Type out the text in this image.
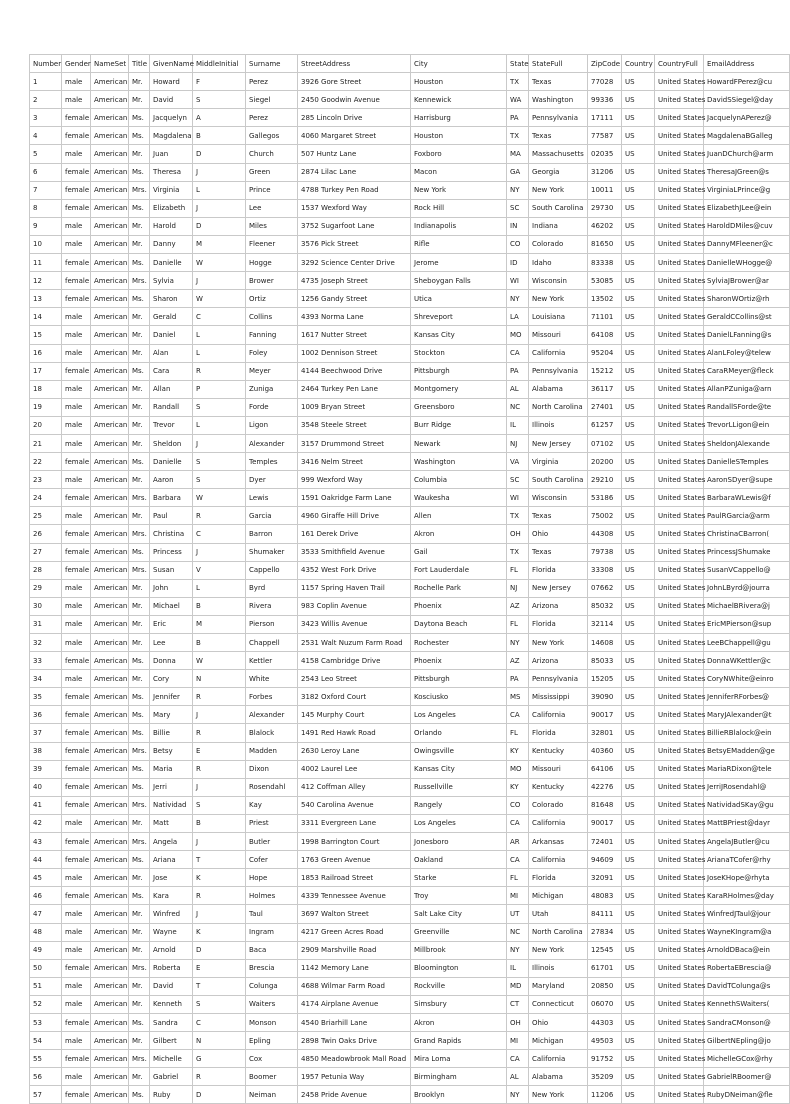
Number	Gender	NameSet	Title	GivenName	MiddleInitial	Surname	StreetAddress	City	State	StateFull	ZipCode	Country	CountryFull	EmailAddress
1	male	American	Mr.	Howard	F	Perez	3926 Gore Street	Houston	TX	Texas	77028	US	United States	HowardFPerez@cu
2	male	American	Mr.	David	S	Siegel	2450 Goodwin Avenue	Kennewick	WA	Washington	99336	US	United States	DavidSSiegel@day
3	female	American	Ms.	Jacquelyn	A	Perez	285 Lincoln Drive	Harrisburg	PA	Pennsylvania	17111	US	United States	JacquelynAPerez@
4	female	American	Ms.	Magdalena	B	Gallegos	4060 Margaret Street	Houston	TX	Texas	77587	US	United States	MagdalenaBGalleg
5	male	American	Mr.	Juan	D	Church	507 Huntz Lane	Foxboro	MA	Massachusetts	02035	US	United States	JuanDChurch@arm
6	female	American	Ms.	Theresa	J	Green	2874 Lilac Lane	Macon	GA	Georgia	31206	US	United States	TheresaJGreen@s
7	female	American	Mrs.	Virginia	L	Prince	4788 Turkey Pen Road	New York	NY	New York	10011	US	United States	VirginiaLPrince@g
8	female	American	Ms.	Elizabeth	J	Lee	1537 Wexford Way	Rock Hill	SC	South Carolina	29730	US	United States	ElizabethJLee@ein
9	male	American	Mr.	Harold	D	Miles	3752 Sugarfoot Lane	Indianapolis	IN	Indiana	46202	US	United States	HaroldDMiles@cuv
10	male	American	Mr.	Danny	M	Fleener	3576 Pick Street	Rifle	CO	Colorado	81650	US	United States	DannyMFleener@c
11	female	American	Ms.	Danielle	W	Hogge	3292 Science Center Drive	Jerome	ID	Idaho	83338	US	United States	DanielleWHogge@
12	female	American	Mrs.	Sylvia	J	Brower	4735 Joseph Street	Sheboygan Falls	WI	Wisconsin	53085	US	United States	SylviaJBrower@ar
13	female	American	Ms.	Sharon	W	Ortiz	1256 Gandy Street	Utica	NY	New York	13502	US	United States	SharonWOrtiz@rh
14	male	American	Mr.	Gerald	C	Collins	4393 Norma Lane	Shreveport	LA	Louisiana	71101	US	United States	GeraldCCollins@st
15	male	American	Mr.	Daniel	L	Fanning	1617 Nutter Street	Kansas City	MO	Missouri	64108	US	United States	DanielLFanning@s
16	male	American	Mr.	Alan	L	Foley	1002 Dennison Street	Stockton	CA	California	95204	US	United States	AlanLFoley@telew
17	female	American	Ms.	Cara	R	Meyer	4144 Beechwood Drive	Pittsburgh	PA	Pennsylvania	15212	US	United States	CaraRMeyer@fleck
18	male	American	Mr.	Allan	P	Zuniga	2464 Turkey Pen Lane	Montgomery	AL	Alabama	36117	US	United States	AllanPZuniga@arn
19	male	American	Mr.	Randall	S	Forde	1009 Bryan Street	Greensboro	NC	North Carolina	27401	US	United States	RandallSForde@te
20	male	American	Mr.	Trevor	L	Ligon	3548 Steele Street	Burr Ridge	IL	Illinois	61257	US	United States	TrevorLLigon@ein
21	male	American	Mr.	Sheldon	J	Alexander	3157 Drummond Street	Newark	NJ	New Jersey	07102	US	United States	SheldonJAlexande
22	female	American	Ms.	Danielle	S	Temples	3416 Nelm Street	Washington	VA	Virginia	20200	US	United States	DanielleSTemples
23	male	American	Mr.	Aaron	S	Dyer	999 Wexford Way	Columbia	SC	South Carolina	29210	US	United States	AaronSDyer@supe
24	female	American	Mrs.	Barbara	W	Lewis	1591 Oakridge Farm Lane	Waukesha	WI	Wisconsin	53186	US	United States	BarbaraWLewis@f
25	male	American	Mr.	Paul	R	Garcia	4960 Giraffe Hill Drive	Allen	TX	Texas	75002	US	United States	PaulRGarcia@arm
26	female	American	Mrs.	Christina	C	Barron	161 Derek Drive	Akron	OH	Ohio	44308	US	United States	ChristinaCBarron(
27	female	American	Ms.	Princess	J	Shumaker	3533 Smithfield Avenue	Gail	TX	Texas	79738	US	United States	PrincessJShumake
28	female	American	Mrs.	Susan	V	Cappello	4352 West Fork Drive	Fort Lauderdale	FL	Florida	33308	US	United States	SusanVCappello@
29	male	American	Mr.	John	L	Byrd	1157 Spring Haven Trail	Rochelle Park	NJ	New Jersey	07662	US	United States	JohnLByrd@jourra
30	male	American	Mr.	Michael	B	Rivera	983 Coplin Avenue	Phoenix	AZ	Arizona	85032	US	United States	MichaelBRivera@j
31	male	American	Mr.	Eric	M	Pierson	3423 Willis Avenue	Daytona Beach	FL	Florida	32114	US	United States	EricMPierson@sup
32	male	American	Mr.	Lee	B	Chappell	2531 Walt Nuzum Farm Road	Rochester	NY	New York	14608	US	United States	LeeBChappell@gu
33	female	American	Ms.	Donna	W	Kettler	4158 Cambridge Drive	Phoenix	AZ	Arizona	85033	US	United States	DonnaWKettler@c
34	male	American	Mr.	Cory	N	White	2543 Leo Street	Pittsburgh	PA	Pennsylvania	15205	US	United States	CoryNWhite@einro
35	female	American	Ms.	Jennifer	R	Forbes	3182 Oxford Court	Kosciusko	MS	Mississippi	39090	US	United States	JenniferRForbes@
36	female	American	Ms.	Mary	J	Alexander	145 Murphy Court	Los Angeles	CA	California	90017	US	United States	MaryJAlexander@t
37	female	American	Ms.	Billie	R	Blalock	1491 Red Hawk Road	Orlando	FL	Florida	32801	US	United States	BillieRBlalock@ein
38	female	American	Mrs.	Betsy	E	Madden	2630 Leroy Lane	Owingsville	KY	Kentucky	40360	US	United States	BetsyEMadden@ge
39	female	American	Ms.	Maria	R	Dixon	4002 Laurel Lee	Kansas City	MO	Missouri	64106	US	United States	MariaRDixon@tele
40	female	American	Ms.	Jerri	J	Rosendahl	412 Coffman Alley	Russellville	KY	Kentucky	42276	US	United States	JerriJRosendahl@
41	female	American	Mrs.	Natividad	S	Kay	540 Carolina Avenue	Rangely	CO	Colorado	81648	US	United States	NatividadSKay@gu
42	male	American	Mr.	Matt	B	Priest	3311 Evergreen Lane	Los Angeles	CA	California	90017	US	United States	MattBPriest@dayr
43	female	American	Mrs.	Angela	J	Butler	1998 Barrington Court	Jonesboro	AR	Arkansas	72401	US	United States	AngelaJButler@cu
44	female	American	Ms.	Ariana	T	Cofer	1763 Green Avenue	Oakland	CA	California	94609	US	United States	ArianaTCofer@rhy
45	male	American	Mr.	Jose	K	Hope	1853 Railroad Street	Starke	FL	Florida	32091	US	United States	JoseKHope@rhyta
46	female	American	Ms.	Kara	R	Holmes	4339 Tennessee Avenue	Troy	MI	Michigan	48083	US	United States	KaraRHolmes@day
47	male	American	Mr.	Winfred	J	Taul	3697 Walton Street	Salt Lake City	UT	Utah	84111	US	United States	WinfredJTaul@jour
48	male	American	Mr.	Wayne	K	Ingram	4217 Green Acres Road	Greenville	NC	North Carolina	27834	US	United States	WayneKIngram@a
49	male	American	Mr.	Arnold	D	Baca	2909 Marshville Road	Millbrook	NY	New York	12545	US	United States	ArnoldDBaca@ein
50	female	American	Mrs.	Roberta	E	Brescia	1142 Memory Lane	Bloomington	IL	Illinois	61701	US	United States	RobertaEBrescia@
51	male	American	Mr.	David	T	Colunga	4688 Wilmar Farm Road	Rockville	MD	Maryland	20850	US	United States	DavidTColunga@s
52	male	American	Mr.	Kenneth	S	Waiters	4174 Airplane Avenue	Simsbury	CT	Connecticut	06070	US	United States	KennethSWaiters(
53	female	American	Ms.	Sandra	C	Monson	4540 Briarhill Lane	Akron	OH	Ohio	44303	US	United States	SandraCMonson@
54	male	American	Mr.	Gilbert	N	Epling	2898 Twin Oaks Drive	Grand Rapids	MI	Michigan	49503	US	United States	GilbertNEpling@jo
55	female	American	Mrs.	Michelle	G	Cox	4850 Meadowbrook Mall Road	Mira Loma	CA	California	91752	US	United States	MichelleGCox@rhy
56	male	American	Mr.	Gabriel	R	Boomer	1957 Petunia Way	Birmingham	AL	Alabama	35209	US	United States	GabrielRBoomer@
57	female	American	Ms.	Ruby	D	Neiman	2458 Pride Avenue	Brooklyn	NY	New York	11206	US	United States	RubyDNeiman@fle
